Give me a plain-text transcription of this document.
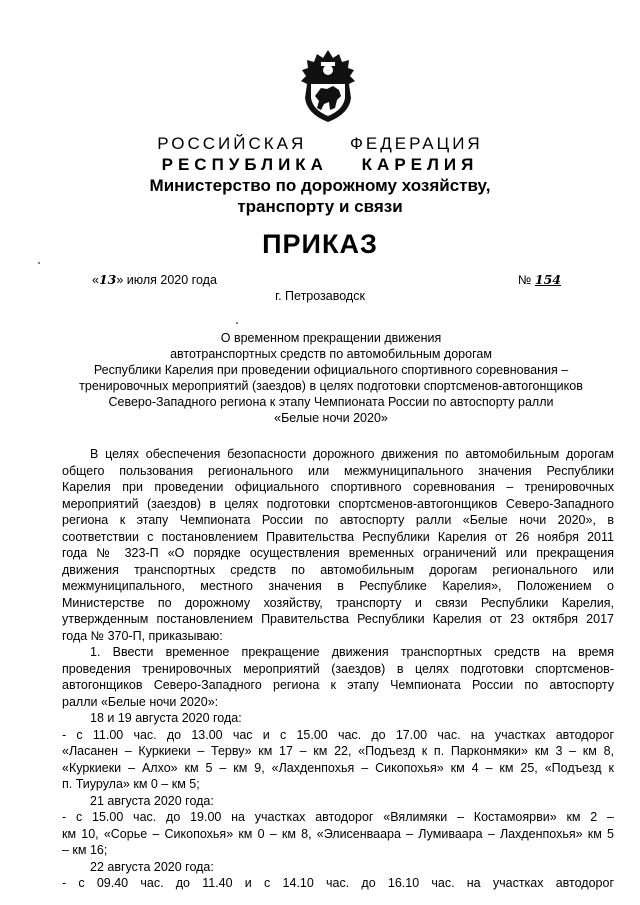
РОССИЙСКАЯ ФЕДЕРАЦИЯ
РЕСПУБЛИКА КАРЕЛИЯ
Министерство по дорожному хозяйству,
транспорту и связи
ПРИКАЗ
«13» июля 2020 года	№ 154
г. Петрозаводск
О временном прекращении движения
автотранспортных средств по автомобильным дорогам
Республики Карелия при проведении официального спортивного соревнования –
тренировочных мероприятий (заездов) в целях подготовки спортсменов-автогонщиков
Северо-Западного региона к этапу Чемпионата России по автоспорту ралли
«Белые ночи 2020»
В целях обеспечения безопасности дорожного движения по автомобильным дорогам
общего пользования регионального или межмуниципального значения Республики
Карелия при проведении официального спортивного соревнования – тренировочных
мероприятий (заездов) в целях подготовки спортсменов-автогонщиков Северо-Западного
региона к этапу Чемпионата России по автоспорту ралли «Белые ночи 2020», в
соответствии с постановлением Правительства Республики Карелия от 26 ноября 2011
года № 323-П «О порядке осуществления временных ограничений или прекращения
движения транспортных средств по автомобильным дорогам регионального или
межмуниципального, местного значения в Республике Карелия», Положением о
Министерстве по дорожному хозяйству, транспорту и связи Республики Карелия,
утвержденным постановлением Правительства Республики Карелия от 23 октября 2017
года № 370-П, приказываю:
1. Ввести временное прекращение движения транспортных средств на время
проведения тренировочных мероприятий (заездов) в целях подготовки спортсменов-
автогонщиков Северо-Западного региона к этапу Чемпионата России по автоспорту
ралли «Белые ночи 2020»:
18 и 19 августа 2020 года:
- с 11.00 час. до 13.00 час и с 15.00 час. до 17.00 час. на участках автодорог
«Ласанен – Куркиеки – Терву» км 17 – км 22, «Подъезд к п. Парконмяки» км 3 – км 8,
«Куркиеки – Алхо» км 5 – км 9, «Лахденпохья – Сикопохья» км 4 – км 25, «Подъезд к
п. Тиурула» км 0 – км 5;
21 августа 2020 года:
- с 15.00 час. до 19.00 на участках автодорог «Вялимяки – Костамоярви» км 2 –
км 10, «Сорье – Сикопохья» км 0 – км 8, «Элисенваара – Лумиваара – Лахденпохья» км 5
– км 16;
22 августа 2020 года:
- с 09.40 час. до 11.40 и с 14.10 час. до 16.10 час. на участках автодорог
